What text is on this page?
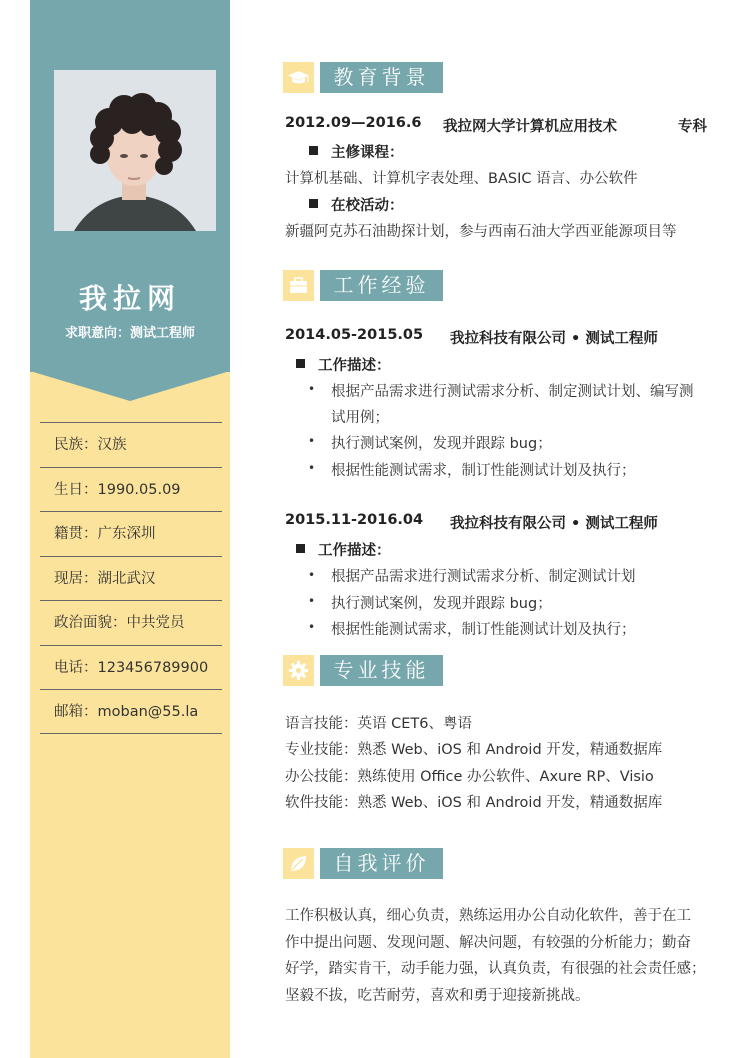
我拉网
求职意向：测试工程师
民族：汉族
生日：1990.05.09
籍贯：广东深圳
现居：湖北武汉
政治面貌：中共党员
电话：123456789900
邮箱：moban@55.la
教育背景
2012.09—2016.6 我拉网大学计算机应用技术	专科
主修课程：
计算机基础、计算机字表处理、BASIC 语言、办公软件
在校活动：
新疆阿克苏石油勘探计划，参与西南石油大学西亚能源项目等
工作经验
2014.05-2015.05 我拉科技有限公司 • 测试工程师
工作描述：
• 根据产品需求进行测试需求分析、制定测试计划、编写测
试用例；
• 执行测试案例，发现并跟踪 bug；
• 根据性能测试需求，制订性能测试计划及执行；
2015.11-2016.04 我拉科技有限公司 • 测试工程师
工作描述：
• 根据产品需求进行测试需求分析、制定测试计划
• 执行测试案例，发现并跟踪 bug；
• 根据性能测试需求，制订性能测试计划及执行；
专业技能
语言技能：英语 CET6、粤语
专业技能：熟悉 Web、iOS 和 Android 开发，精通数据库
办公技能：熟练使用 Office 办公软件、Axure RP、Visio
软件技能：熟悉 Web、iOS 和 Android 开发，精通数据库
自我评价
工作积极认真，细心负责，熟练运用办公自动化软件，善于在工
作中提出问题、发现问题、解决问题，有较强的分析能力；勤奋
好学，踏实肯干，动手能力强，认真负责，有很强的社会责任感；
坚毅不拔，吃苦耐劳，喜欢和勇于迎接新挑战。
